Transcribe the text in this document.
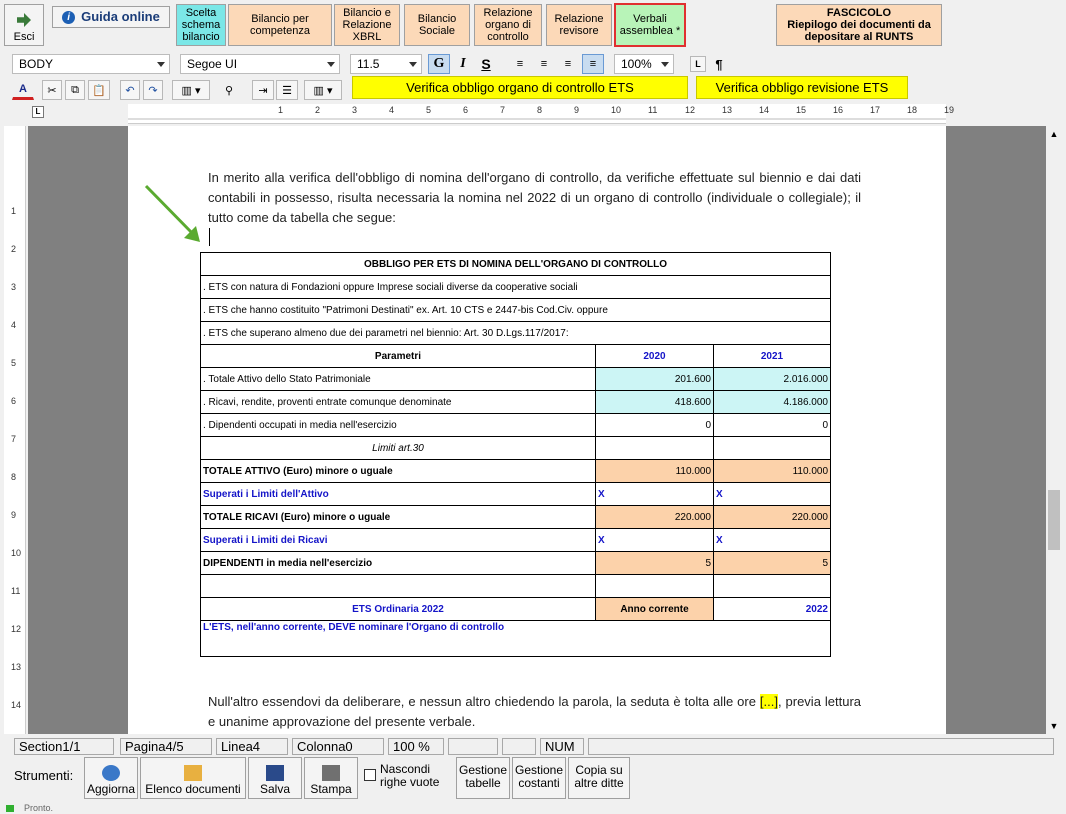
Esci
i Guida online	Scelta schema bilancio
Bilancio per competenza
Bilancio e Relazione XBRL
Bilancio Sociale
Relazione organo di controllo
Relazione revisore
Verbali assemblea *
FASCICOLO
Riepilogo dei documenti da depositare al RUNTS
BODY	Segoe UI	11.5	G I S	≡	≡	≡	≡	100%	L	¶
A	✂	⧉	📋	↶	↷	▥ ▾	⚲	⇥	☰	▥ ▾	Verifica obbligo organo di controllo ETS	Verifica obbligo revisione ETS
L	1	2	3	4	5	6	7	8	9	10	11	12	13	14	15	16	17	18	19
1
2
3
4
5
6
7
8
9
10
11
12
13
14
▲
▼
In merito alla verifica dell'obbligo di nomina dell'organo di controllo, da verifiche effettuate sul biennio e dai dati contabili in possesso, risulta necessaria la nomina nel 2022 di un organo di controllo (individuale o collegiale); il tutto come da tabella che segue:
OBBLIGO PER ETS DI NOMINA DELL'ORGANO DI CONTROLLO		
. ETS con natura di Fondazioni oppure Imprese sociali diverse da cooperative sociali		
. ETS che hanno costituito "Patrimoni Destinati" ex. Art. 10 CTS e 2447-bis Cod.Civ. oppure		
. ETS che superano almeno due dei parametri nel biennio: Art. 30 D.Lgs.117/2017:		
Parametri	2020	2021
. Totale Attivo dello Stato Patrimoniale	201.600	2.016.000
. Ricavi, rendite, proventi entrate comunque denominate	418.600	4.186.000
. Dipendenti occupati in media nell'esercizio	0	0
Limiti art.30		
TOTALE ATTIVO (Euro) minore o uguale	110.000	110.000
Superati i Limiti dell'Attivo	X	X
TOTALE RICAVI (Euro) minore o uguale	220.000	220.000
Superati i Limiti dei Ricavi	X	X
DIPENDENTI in media nell'esercizio	5	5

ETS Ordinaria 2022	Anno corrente	2022
L'ETS, nell'anno corrente, DEVE nominare l'Organo di controllo		
Null'altro essendovi da deliberare, e nessun altro chiedendo la parola, la seduta è tolta alle ore [...], previa lettura e unanime approvazione del presente verbale.
Section1/1	Pagina4/5	Linea4	Colonna0	100 %	NUM
Strumenti:
Aggiorna Elenco documenti Salva Stampa
Nascondi righe vuote
Gestione tabelle
Gestione costanti
Copia su altre ditte
Pronto.
